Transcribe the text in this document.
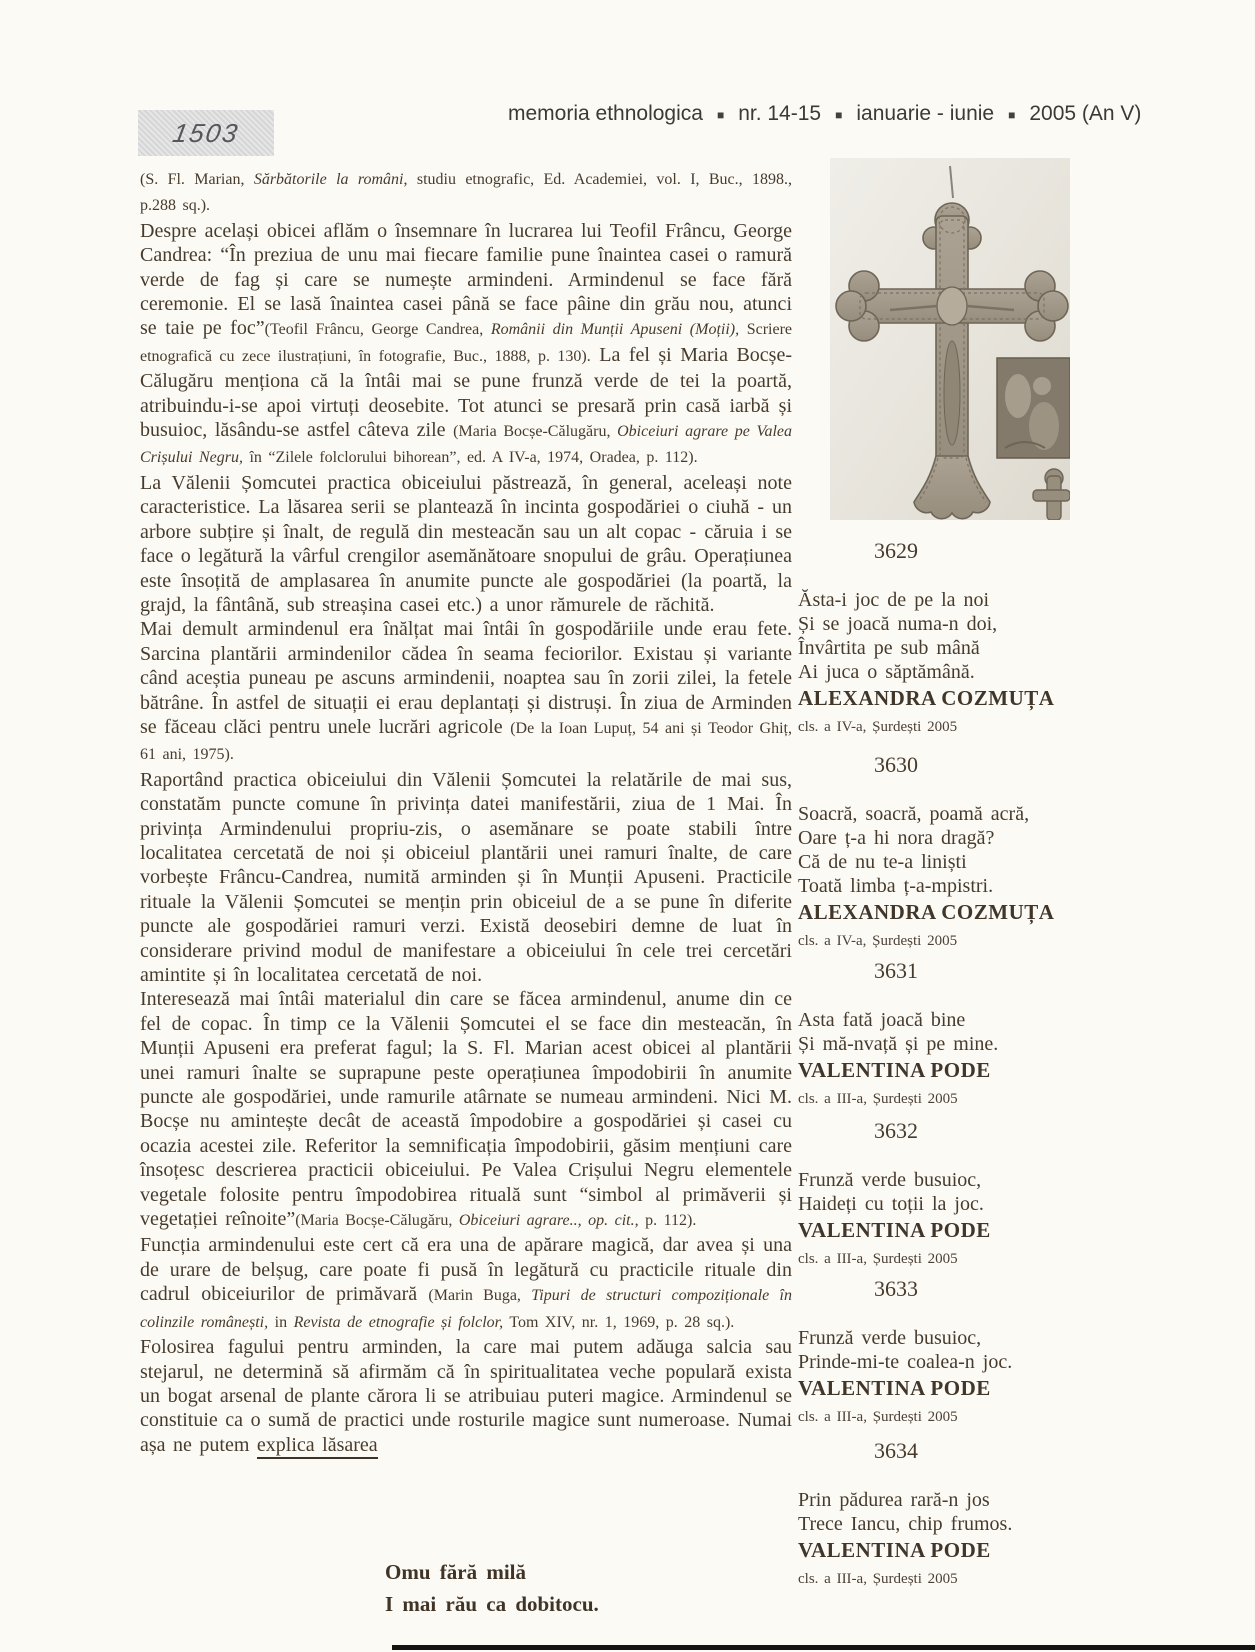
memoria ethnologica ■ nr. 14-15 ■ ianuarie - iunie ■ 2005 (An V)
1503

(S. Fl. Marian, Sărbătorile la români, studiu etnografic, Ed. Academiei, vol. I, Buc., 1898., p.288 sq.).

Despre același obicei aflăm o însemnare în lucrarea lui Teofil Frâncu, George Candrea: “În preziua de unu mai fiecare familie pune înaintea casei o ramură verde de fag și care se numește armindeni. Armindenul se face fără ceremonie. El se lasă înaintea casei până se face pâine din grău nou, atunci se taie pe foc”(Teofil Frâncu, George Candrea, Românii din Munții Apuseni (Moții), Scriere etnografică cu zece ilustrațiuni, în fotografie, Buc., 1888, p. 130). La fel și Maria Bocșe-Călugăru menționa că la întâi mai se pune frunză verde de tei la poartă, atribuindu-i-se apoi virtuți deosebite. Tot atunci se presară prin casă iarbă și busuioc, lăsându-se astfel câteva zile (Maria Bocșe-Călugăru, Obiceiuri agrare pe Valea Crișului Negru, în “Zilele folclorului bihorean”, ed. A IV-a, 1974, Oradea, p. 112).

La Vălenii Șomcutei practica obiceiului păstrează, în general, aceleași note caracteristice. La lăsarea serii se plantează în incinta gospodăriei o ciuhă - un arbore subțire și înalt, de regulă din mesteacăn sau un alt copac - căruia i se face o legătură la vârful crengilor asemănătoare snopului de grâu. Operațiunea este însoțită de amplasarea în anumite puncte ale gospodăriei (la poartă, la grajd, la fântână, sub streașina casei etc.) a unor rămurele de răchită.

Mai demult armindenul era înălțat mai întâi în gospodăriile unde erau fete. Sarcina plantării armindenilor cădea în seama feciorilor. Existau și variante când aceștia puneau pe ascuns armindenii, noaptea sau în zorii zilei, la fetele bătrâne. În astfel de situații ei erau deplantați și distruși. În ziua de Arminden se făceau clăci pentru unele lucrări agricole (De la Ioan Lupuț, 54 ani și Teodor Ghiț, 61 ani, 1975).

Raportând practica obiceiului din Vălenii Șomcutei la relatările de mai sus, constatăm puncte comune în privința datei manifestării, ziua de 1 Mai. În privința Armindenului propriu-zis, o asemănare se poate stabili între localitatea cercetată de noi și obiceiul plantării unei ramuri înalte, de care vorbește Frâncu-Candrea, numită arminden și în Munții Apuseni. Practicile rituale la Vălenii Șomcutei se mențin prin obiceiul de a se pune în diferite puncte ale gospodăriei ramuri verzi. Există deosebiri demne de luat în considerare privind modul de manifestare a obiceiului în cele trei cercetări amintite și în localitatea cercetată de noi.

Interesează mai întâi materialul din care se făcea armindenul, anume din ce fel de copac. În timp ce la Vălenii Șomcutei el se face din mesteacăn, în Munții Apuseni era preferat fagul; la S. Fl. Marian acest obicei al plantării unei ramuri înalte se suprapune peste operațiunea împodobirii în anumite puncte ale gospodăriei, unde ramurile atârnate se numeau armindeni. Nici M. Bocșe nu amintește decât de această împodobire a gospodăriei și casei cu ocazia acestei zile. Referitor la semnificația împodobirii, găsim mențiuni care însoțesc descrierea practicii obiceiului. Pe Valea Crișului Negru elementele vegetale folosite pentru împodobirea rituală sunt “simbol al primăverii și vegetației reînoite”(Maria Bocșe-Călugăru, Obiceiuri agrare.., op. cit., p. 112).

Funcția armindenului este cert că era una de apărare magică, dar avea și una de urare de belșug, care poate fi pusă în legătură cu practicile rituale din cadrul obiceiurilor de primăvară (Marin Buga, Tipuri de structuri compoziționale în colinzile românești, in Revista de etnografie și folclor, Tom XIV, nr. 1, 1969, p. 28 sq.).

Folosirea fagului pentru arminden, la care mai putem adăuga salcia sau stejarul, ne determină să afirmăm că în spiritualitatea veche populară exista un bogat arsenal de plante cărora li se atribuiau puteri magice. Armindenul se constituie ca o sumă de practici unde rosturile magice sunt numeroase. Numai așa ne putem explica lăsarea

3629
Ăsta-i joc de pe la noi
Și se joacă numa-n doi,
Învârtita pe sub mână
Ai juca o săptămână.
ALEXANDRA COZMUȚA
cls. a IV-a, Șurdești 2005
3630
Soacră, soacră, poamă acră,
Oare ț-a hi nora dragă?
Că de nu te-a liniști
Toată limba ț-a-mpistri.
ALEXANDRA COZMUȚA
cls. a IV-a, Șurdești 2005
3631
Asta fată joacă bine
Și mă-nvață și pe mine.
VALENTINA PODE
cls. a III-a, Șurdești 2005
3632
Frunză verde busuioc,
Haideți cu toții la joc.
VALENTINA PODE
cls. a III-a, Șurdești 2005
3633
Frunză verde busuioc,
Prinde-mi-te coalea-n joc.
VALENTINA PODE
cls. a III-a, Șurdești 2005
3634
Prin pădurea rară-n jos
Trece Iancu, chip frumos.
VALENTINA PODE
cls. a III-a, Șurdești 2005
Omu fără milă
I mai rău ca dobitocu.
